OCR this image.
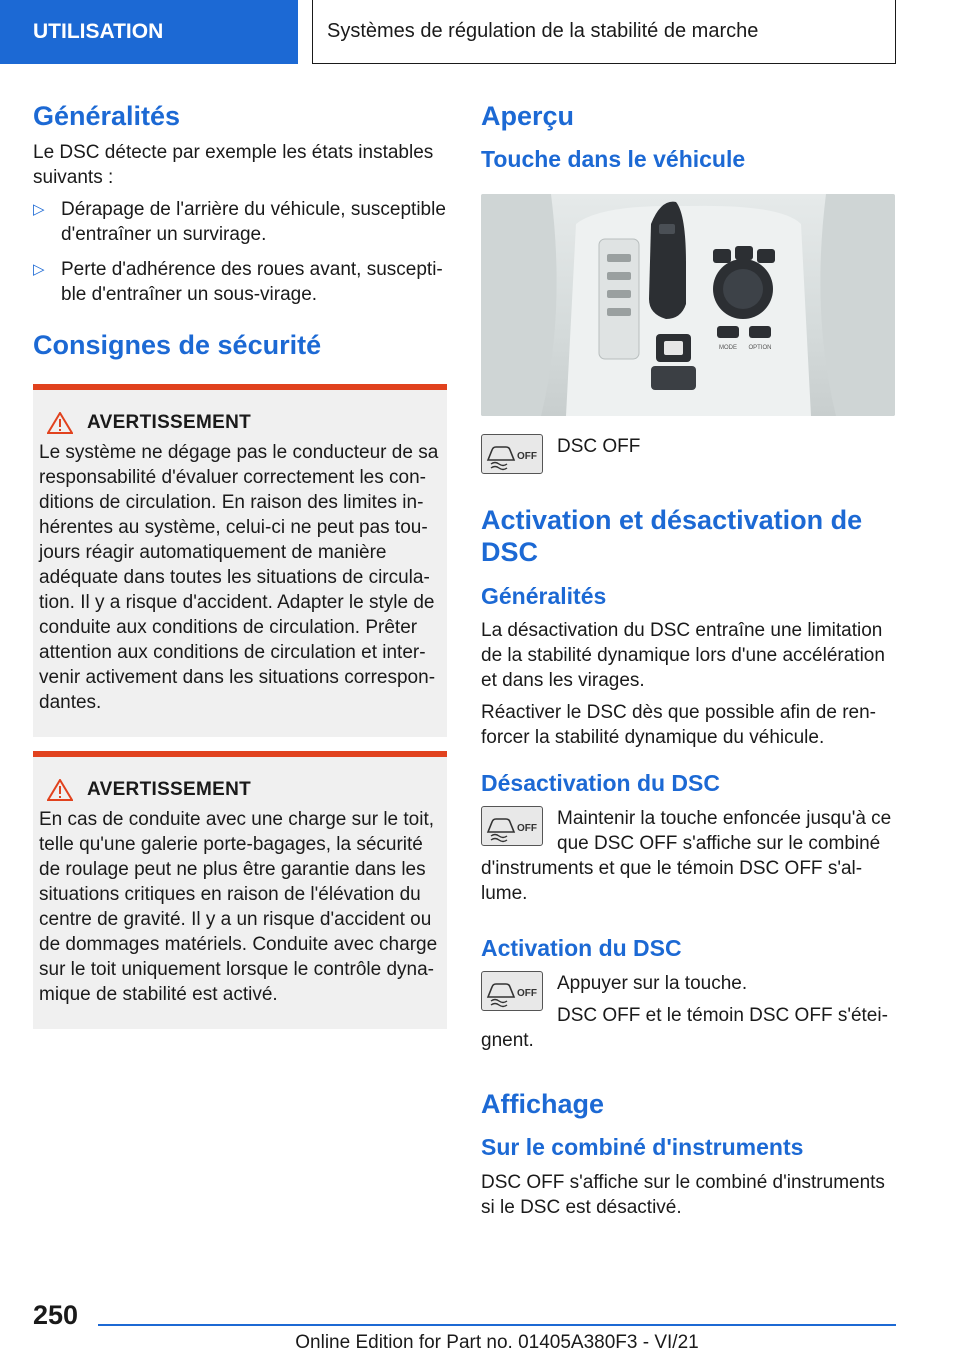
UTILISATION	Systèmes de régulation de la stabilité de marche
Généralités

Le DSC détecte par exemple les états instables suivants :

▷ Dérapage de l'arrière du véhicule, susceptible d'entraîner un survirage.
▷ Perte d'adhérence des roues avant, suscepti-ble d'entraîner un sous-virage.
Consignes de sécurité
AVERTISSEMENT

Le système ne dégage pas le conducteur de sa responsabilité d'évaluer correctement les con-ditions de circulation. En raison des limites in-hérentes au système, celui-ci ne peut pas tou-jours réagir automatiquement de manière adéquate dans toutes les situations de circula-tion. Il y a risque d'accident. Adapter le style de conduite aux conditions de circulation. Prêter attention aux conditions de circulation et inter-venir activement dans les situations correspon-dantes.

AVERTISSEMENT

En cas de conduite avec une charge sur le toit, telle qu'une galerie porte-bagages, la sécurité de roulage peut ne plus être garantie dans les situations critiques en raison de l'élévation du centre de gravité. Il y a un risque d'accident ou de dommages matériels. Conduite avec charge sur le toit uniquement lorsque le contrôle dyna-mique de stabilité est activé.

Aperçu
Touche dans le véhicule
MODE OPTION
OFF DSC OFF

Activation et désactivation de DSC
Généralités

La désactivation du DSC entraîne une limitation de la stabilité dynamique lors d'une accélération et dans les virages.

Réactiver le DSC dès que possible afin de ren-forcer la stabilité dynamique du véhicule.

Désactivation du DSC
OFF	Maintenir la touche enfoncée jusqu'à ce que DSC OFF s'affiche sur le combiné d'instruments et que le témoin DSC OFF s'al-lume.

Activation du DSC
OFF	Appuyer sur la touche.

DSC OFF et le témoin DSC OFF s'étei-gnent.

Affichage
Sur le combiné d'instruments

DSC OFF s'affiche sur le combiné d'instruments si le DSC est désactivé.

250
Online Edition for Part no. 01405A380F3 - VI/21
